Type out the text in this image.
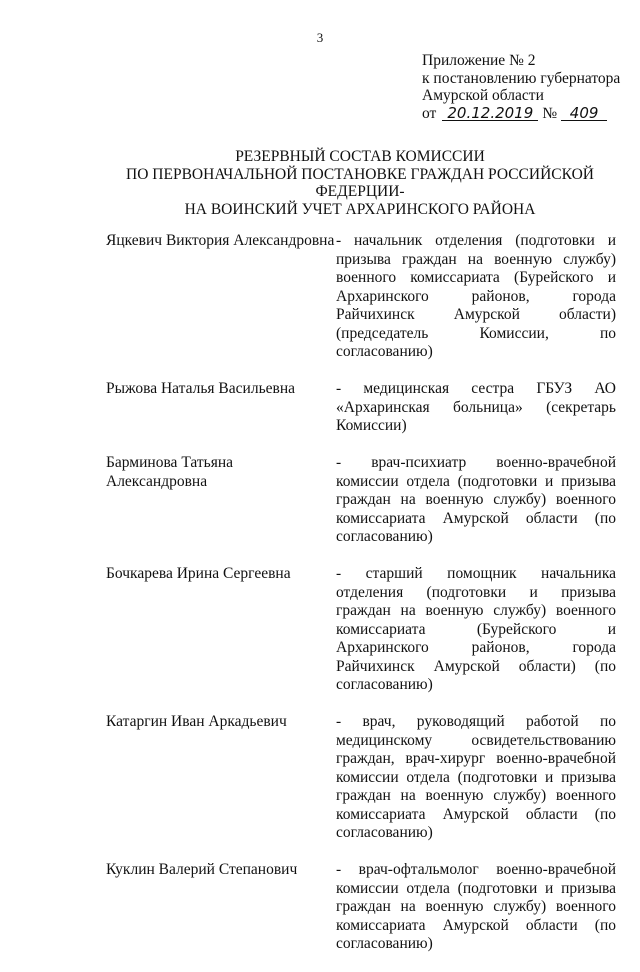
3
Приложение № 2
к постановлению губернатора
Амурской области
от 20.12.2019 № 409
РЕЗЕРВНЫЙ СОСТАВ КОМИССИИ
ПО ПЕРВОНАЧАЛЬНОЙ ПОСТАНОВКЕ ГРАЖДАН РОССИЙСКОЙ ФЕДЕРЦИИ-
НА ВОИНСКИЙ УЧЕТ АРХАРИНСКОГО РАЙОНА
Яцкевич Виктория Александровна - начальник отделения (подготовки и призыва граждан на военную службу) военного комиссариата (Бурейского и Архаринского районов, города Райчихинск Амурской области) (председатель Комиссии, по согласованию)
Рыжова Наталья Васильевна	- медицинская сестра ГБУЗ АО «Архаринская больница» (секретарь Комиссии)
Барминова Татьяна Александровна
- врач-психиатр военно-врачебной комиссии отдела (подготовки и призыва граждан на военную службу) военного комиссариата Амурской области (по согласованию)
Бочкарева Ирина Сергеевна	- старший помощник начальника отделения (подготовки и призыва граждан на военную службу) военного комиссариата (Бурейского и Архаринского районов, города Райчихинск Амурской области) (по согласованию)
Катаргин Иван Аркадьевич	- врач, руководящий работой по медицинскому освидетельствованию граждан, врач-хирург военно-врачебной комиссии отдела (подготовки и призыва граждан на военную службу) военного комиссариата Амурской области (по согласованию)
Куклин Валерий Степанович	- врач-офтальмолог военно-врачебной комиссии отдела (подготовки и призыва граждан на военную службу) военного комиссариата Амурской области (по согласованию)
